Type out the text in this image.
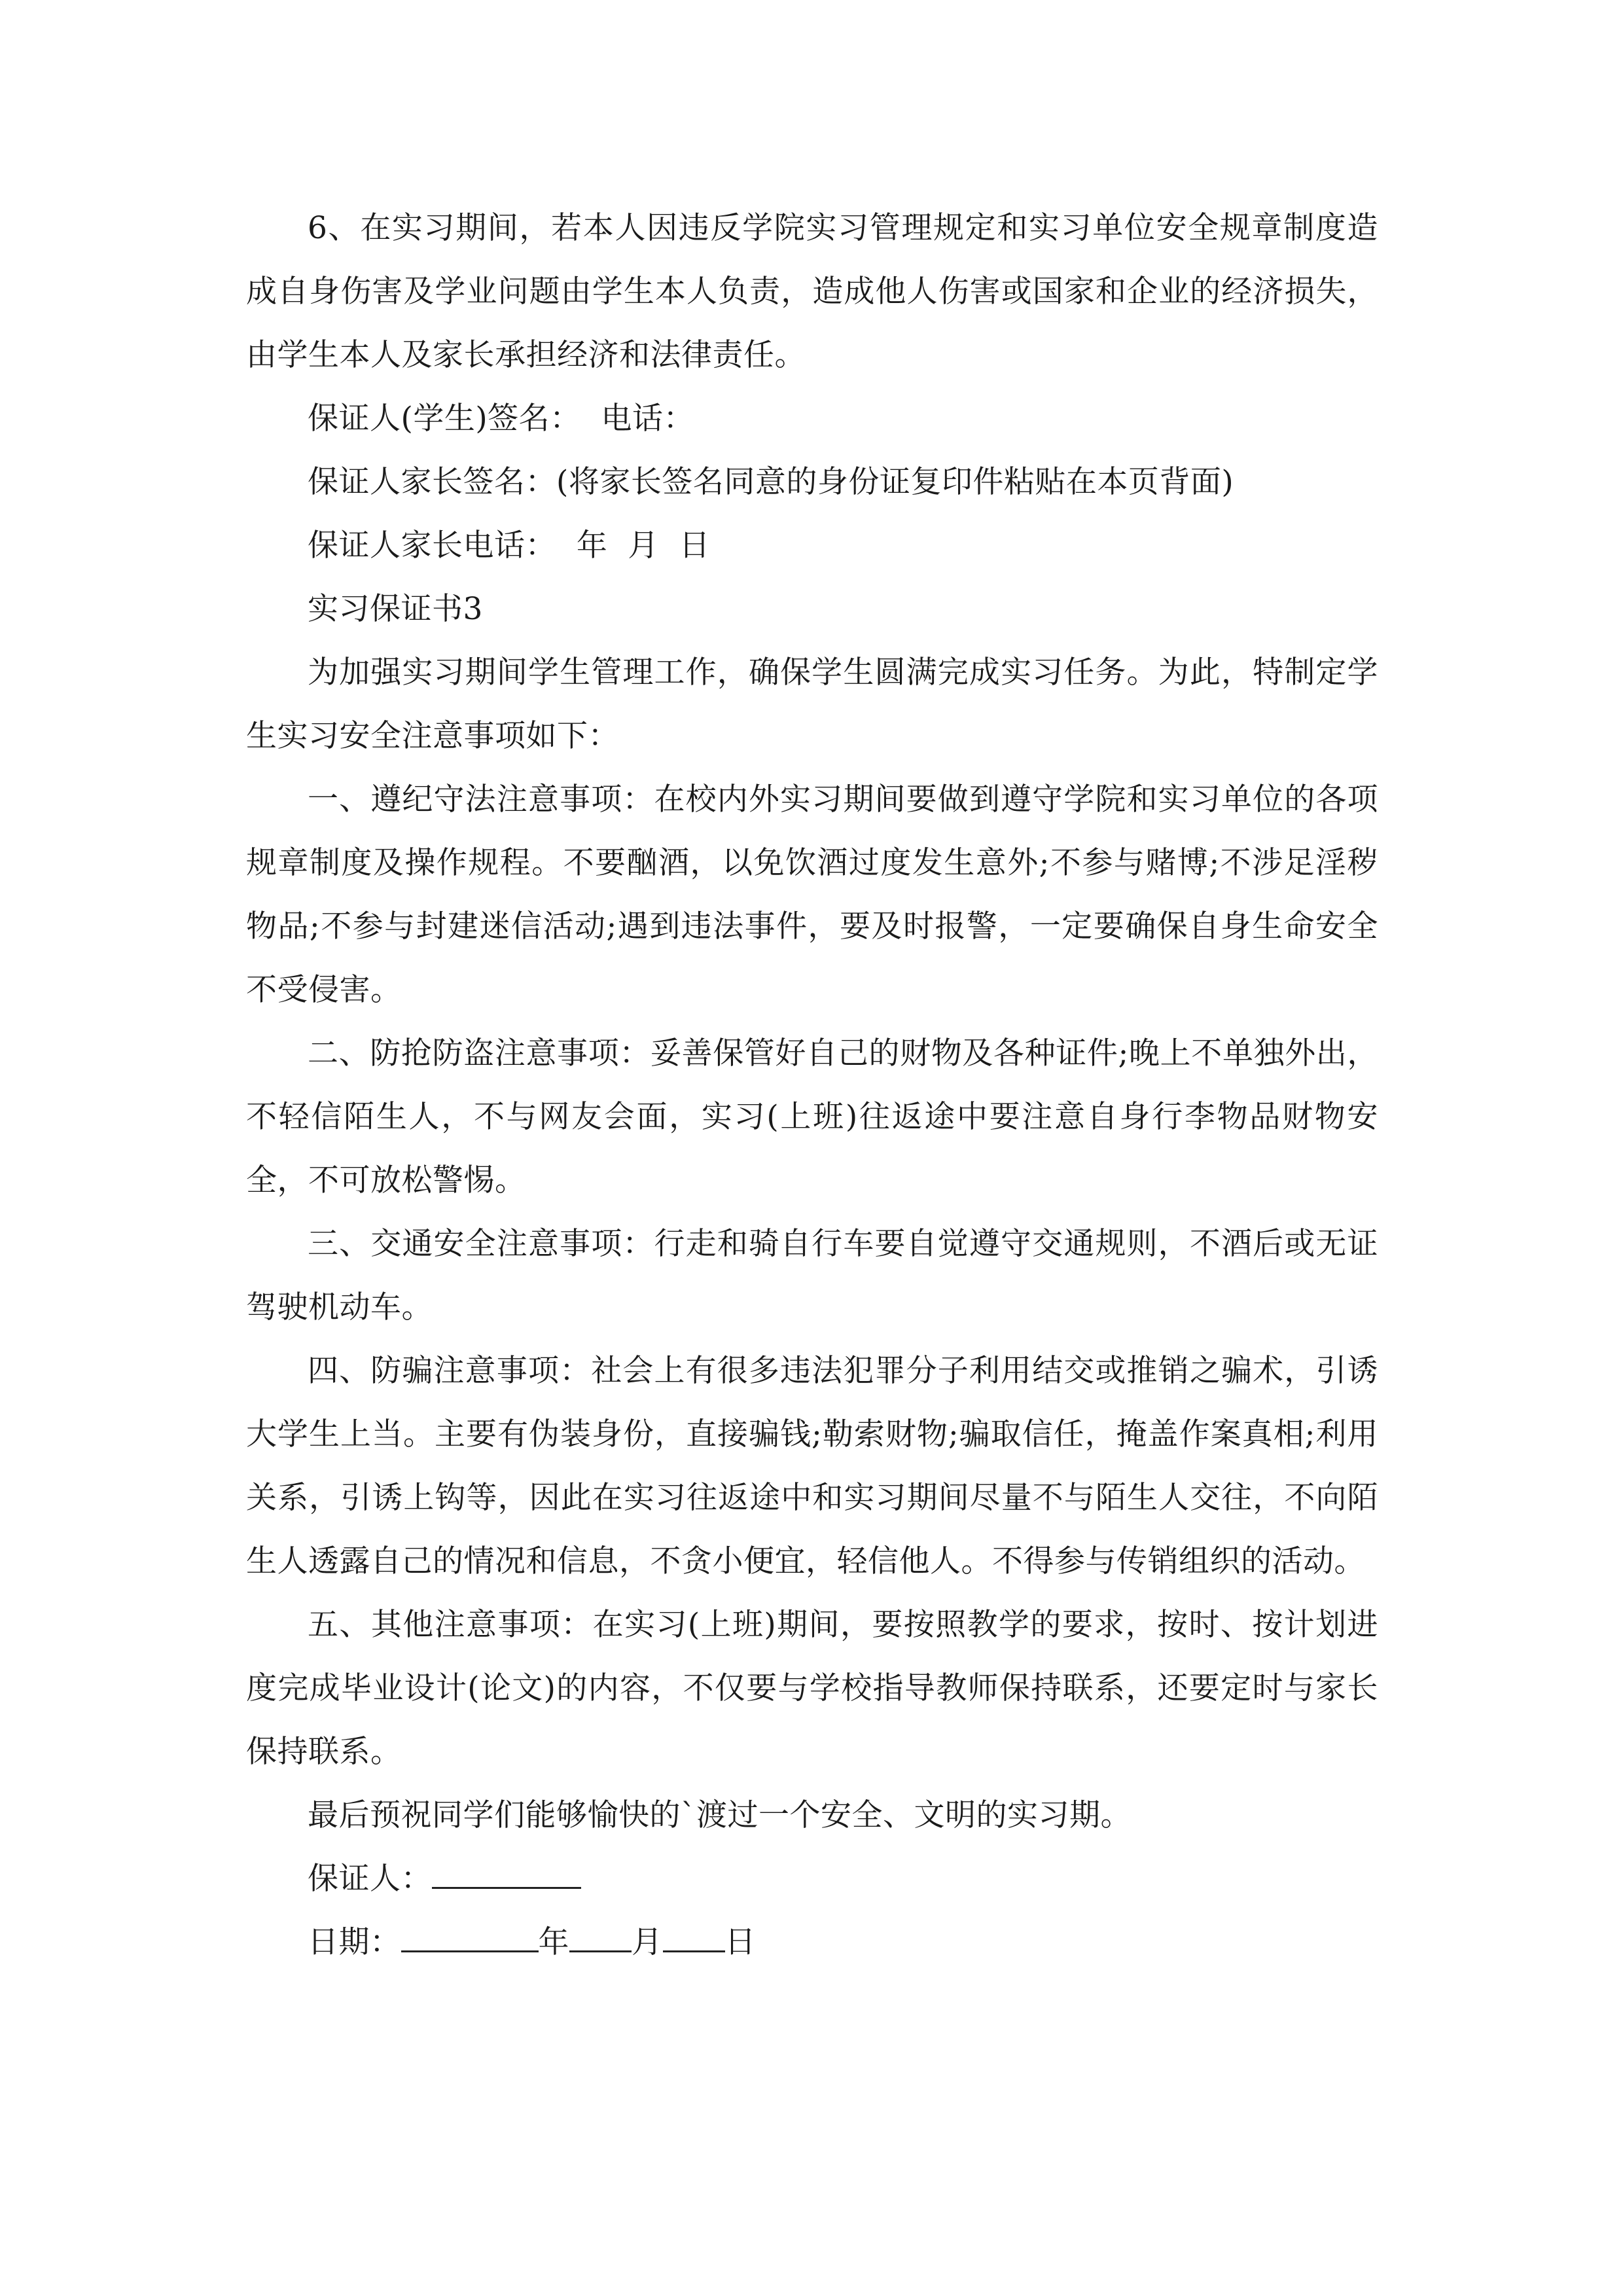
6、在实习期间，若本人因违反学院实习管理规定和实习单位安全规章制度造成自身伤害及学业问题由学生本人负责，造成他人伤害或国家和企业的经济损失，由学生本人及家长承担经济和法律责任。

保证人(学生)签名：  电话：

保证人家长签名：(将家长签名同意的身份证复印件粘贴在本页背面)

保证人家长电话：  年  月  日

实习保证书3

为加强实习期间学生管理工作，确保学生圆满完成实习任务。为此，特制定学生实习安全注意事项如下：

一、遵纪守法注意事项：在校内外实习期间要做到遵守学院和实习单位的各项规章制度及操作规程。不要酗酒，以免饮酒过度发生意外;不参与赌博;不涉足淫秽物品;不参与封建迷信活动;遇到违法事件，要及时报警，一定要确保自身生命安全不受侵害。

二、防抢防盗注意事项：妥善保管好自己的财物及各种证件;晚上不单独外出，不轻信陌生人，不与网友会面，实习(上班)往返途中要注意自身行李物品财物安全，不可放松警惕。

三、交通安全注意事项：行走和骑自行车要自觉遵守交通规则，不酒后或无证驾驶机动车。

四、防骗注意事项：社会上有很多违法犯罪分子利用结交或推销之骗术，引诱大学生上当。主要有伪装身份，直接骗钱;勒索财物;骗取信任，掩盖作案真相;利用关系，引诱上钩等，因此在实习往返途中和实习期间尽量不与陌生人交往，不向陌生人透露自己的情况和信息，不贪小便宜，轻信他人。不得参与传销组织的活动。

五、其他注意事项：在实习(上班)期间，要按照教学的要求，按时、按计划进度完成毕业设计(论文)的内容，不仅要与学校指导教师保持联系，还要定时与家长保持联系。

最后预祝同学们能够愉快的`渡过一个安全、文明的实习期。

保证人：

日期：	年 月 日
